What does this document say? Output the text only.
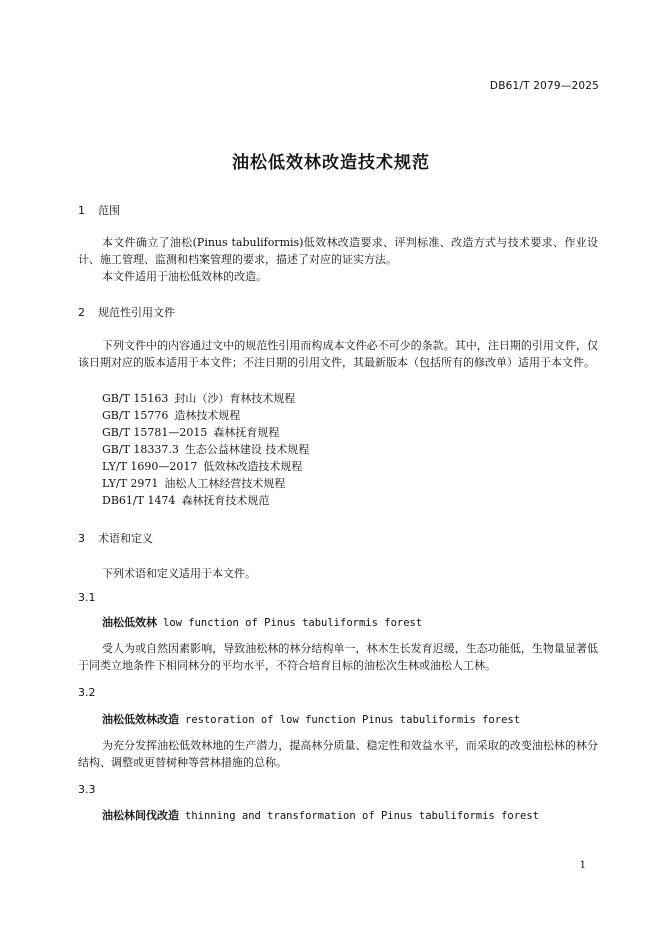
DB61/T 2079—2025
油松低效林改造技术规范
1 范围
本文件确立了油松(Pinus tabuliformis)低效林改造要求、评判标准、改造方式与技术要求、作业设计、施工管理、监测和档案管理的要求，描述了对应的证实方法。
本文件适用于油松低效林的改造。
2 规范性引用文件
下列文件中的内容通过文中的规范性引用而构成本文件必不可少的条款。其中，注日期的引用文件，仅该日期对应的版本适用于本文件；不注日期的引用文件，其最新版本（包括所有的修改单）适用于本文件。
GB/T 15163 封山（沙）育林技术规程
GB/T 15776 造林技术规程
GB/T 15781—2015 森林抚育规程
GB/T 18337.3 生态公益林建设 技术规程
LY/T 1690—2017 低效林改造技术规程
LY/T 2971 油松人工林经营技术规程
DB61/T 1474 森林抚育技术规范
3 术语和定义
下列术语和定义适用于本文件。
3.1
油松低效林 low function of Pinus tabuliformis forest
受人为或自然因素影响，导致油松林的林分结构单一，林木生长发育迟缓，生态功能低，生物量显著低于同类立地条件下相同林分的平均水平，不符合培育目标的油松次生林或油松人工林。
3.2
油松低效林改造 restoration of low function Pinus tabuliformis forest
为充分发挥油松低效林地的生产潜力，提高林分质量、稳定性和效益水平，而采取的改变油松林的林分结构、调整或更替树种等营林措施的总称。
3.3
油松林间伐改造 thinning and transformation of Pinus tabuliformis forest
1
